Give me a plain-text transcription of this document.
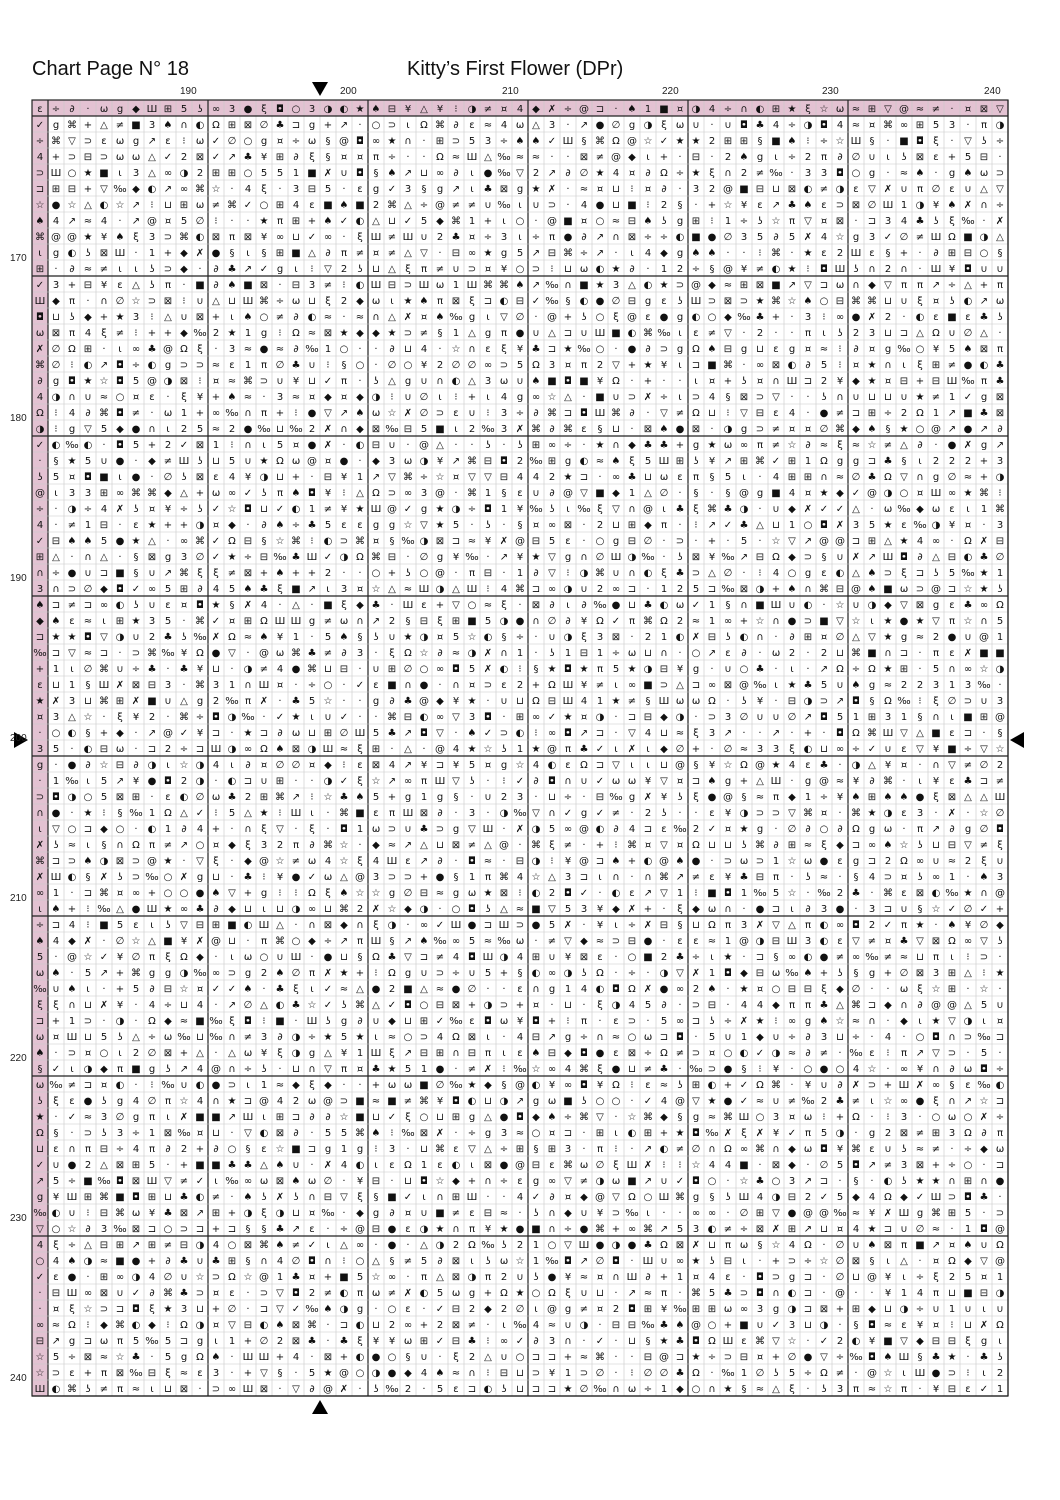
Chart Page N° 18	Kitty’s First Flower (DPr)
190	200	210	220	230	240
170
180
190
200
210
220
230
240
ɛ ÷ ∂ · ω g ◆ Ш ⊞ 5 ʖ ∞ 3 ● ξ ◘ ○ 3 ◑ ◐ ★ ♠ ⊟ ¥ △ ¥ ⁝ ◑ ≠ ¤ 4 ◆ ✗ ÷ @ ⊐ · ♠ 1 ■ ¤ ◑ 4 ÷ ∩ ◐ ⊞ ★ ξ ☆ ω ≈ ⊞ ▽ @ ≈ ≠ · ¤ ⊠ ▽
✓ g ⌘ + △ ≠ ■ 3 ♠ ∩ ◐ Ω ⊞ ⊠ ∅ ♣ ⊐ g + ↗ · ○ ⊃ ɩ Ω ⌘ ∂ ɛ ≈ 4 ω △ 3 · ↗ ● ∅ g ◑ ξ ω ∪ · ∪ ◘ ♣ 4 ÷ ◑ ◘ 4 ≈ ¤ ⌘ ∞ ⊞ 5 3 · π ◑
÷ ⌘ ▽ ⊃ ɛ ω g ↗ ɛ ⁝ ω ✓ ∅ ○ g ¤ ÷ ω § @ ◘ ∞ ★ ∩ · ⊞ ⊃ 5 3 ÷ ♠ ♠ ✓ Ш § ⌘ Ω @ ☆ ✓ ★ ★ 2 ⊞ ⊞ § ■ ♠ ⁝ ÷ ☆ Ш § · ■ ◘ ξ · ▽ ʖ ÷
4 + ⊃ ⊟ ⊃ ω ω △ ✓ 2 ⊠ ✓ ↗ ♣ ¥ ⊞ ∂ ξ § ¤ ¤ π ÷ · · Ω ≈ Ш △ ‰ ≈ ≈ · · ⊠ ≠ @ ◆ ɩ + · ⊟ · 2 ♠ g ɩ ÷ 2 π ∂ ∅ ∪ ɩ ʖ ⊠ ɛ + 5 ⊟ ·
⊃ Ш ○ ★ ■ ɩ 3 △ ∞ ◑ 2 ⊞ ⊞ ○ 5 5 1 ■ ✗ ∪ ◘ § ♠ ↗ ⊔ ∞ ∂ ɩ ● ‰ ▽ 2 ↗ ∂ ∅ ★ 4 ¤ ∂ Ω ÷ ★ ξ ∩ 2 ≠ ‰ · 3 3 ◘ ○ g · ≈ ♠ · g ♠ ω ⊃
⊐ ⊞ ⊟ + ▽ ‰ ◆ ◐ ↗ ∞ ⌘ ☆ · 4 ξ · 3 ⊟ 5 · ɛ g ✓ 3 § g ↗ ɩ ♣ ⊠ g ★ ✗ · ≈ ¤ ⊔ ⁝ ¤ ∂ · 3 2 @ ■ ⊟ ⊔ ⊠ ◐ ≠ ◑ ɛ ▽ ✗ ∪ π ∅ ɛ ∪ △ ▽
☆ ● ☆ △ ◐ ☆ ↗ ⁝ ⊔ ⊞ ω ≠ ⌘ ✓ ○ ⊞ 4 ɛ ■ ♠ ■ 2 ⌘ △ ÷ @ ≠ ≠ ∪ ‰ ɩ ∪ ⊃ · 4 ● ⊔ ■ ⁝ 2 § · + ☆ ¥ ɛ ↗ ♣ ♠ ɛ ⊃ ⊠ ∅ Ш 1 ◑ ¥ ♠ ✗ ∩ ÷
♠ 4 ↗ ≈ 4 · ↗ @ ¤ 5 ∅ ⁝ · · ★ π ⊞ + ♠ ✓ ◐ △ ⊔ ✓ 5 ◆ ⌘ 1 + ɩ ○ · @ ■ ¤ ○ ≈ ⊟ ♠ ʖ g ⊞ ⁝ 1 ÷ ʖ ☆ π ▽ ¤ ⊠ · ⊐ 3 4 ♣ ʖ ξ ‰ · ✗
⌘ @ @ ★ ¥ ♠ ξ 3 ⊃ ⌘ ◐ ⊠ π ⊠ ¥ ∞ ⊔ ✓ ∞ · ξ Ш ≠ Ш ∪ 2 ♣ ¤ ÷ 3 ɩ ÷ π ● ∂ ↗ ∩ ⊠ ÷ ÷ ◐ ■ ● ∅ 3 5 ∂ 5 ✗ 4 ☆ g 3 ✓ ∅ ≠ Ш Ω ■ ◑ △
ɩ g ◐ ʖ ⊠ Ш · 1 + ◆ ✗ ● § ɩ § ⊞ ■ △ ∂ π ≠ ¤ ≠ △ ▽ · ⊟ ∞ ★ g 5 ↗ ⊟ ⌘ ÷ ↗ · ɩ 4 ◆ g ♠ ♠ · · ⁝ ⌘ · ★ ɛ 2 Ш ɛ § + · ∂ ⊞ ⊟ ○ §
⊞ · ∂ ≈ ≠ ɩ ɩ ʖ ⊃ ◆ · ∂ ♣ ↗ ✓ g ɩ ⁝ ▽ 2 ʖ ⊔ △ ξ π ≠ ∪ ⊃ ¤ ¥ ○ ⊃ ⁝ ⊔ ω ◐ ★ ∂ · 1 2 ÷ § @ ¥ ≠ ◐ ★ ⁝ ◘ Ш ʖ ∩ 2 ∩ · Ш ¥ ◘ ∪ ∪
✓ 3 + ⊟ ¥ ɛ △ ʖ π · ■ ∂ ♠ ■ ⊠ · ⊟ 3 ≠ ⁝ ◐ Ш ⊟ ⊃ Ш ω 1 Ш ⌘ ⌘ ♠ ↗ ‰ ∩ ■ ★ 3 △ ◐ ★ ⊃ @ ◆ ≈ ⊞ ⊠ ■ ↗ ▽ ⊐ ω ∩ ◆ ▽ π π ↗ ÷ △ + π
Ш ◆ π · ∩ ∅ ☆ ⊃ ⊠ ⁝ ∪ △ ⊔ Ш ⌘ ÷ ω ⊔ ξ 2 ◆ ω ɩ ★ ♠ π ⊠ ξ ⊐ ◐ ⊟ ✓ ‰ § ◐ ● ∅ ⊟ g ɛ ʖ Ш ⊃ ⊠ ⊃ ★ ⌘ ☆ ♠ ○ ⊟ ⌘ ⌘ ⊔ ∪ ξ ¤ ʖ ◐ ↗ ω
◘ ⊔ ʖ ◆ + ★ 3 ⁝ △ ∪ ⊠ + ɩ ♠ ○ ≠ ∂ ◐ ≈ · ≈ ∩ △ ✗ ¤ ♠ ‰ g ɩ ▽ ∅ · @ + ʖ ○ ξ @ ɛ ● g ◐ ○ ◆ ‰ ♣ + · 3 ⁝ ∞ ● ✗ 2 · ◐ ɛ ■ ɛ ♣ ʖ
ω ⊠ π 4 ξ ≠ ⁝ + + ◆ ‰ 2 ★ 1 g ⁝ Ω ≈ ⊠ ★ ◆ ◆ ★ ⊃ ≠ § 1 △ g π ● ∪ △ ⊐ ∪ Ш ■ ◐ ⌘ ‰ ɩ ɛ ≠ ▽ · 2 · · π ɩ ʖ 2 3 ⊔ ⊐ △ Ω ∪ ∅ △ ·
✗ ∅ Ω ⊞ · ɩ ∞ ♣ @ Ω ξ · 3 ≈ ● ≈ ∂ ‰ 1 ○ · · ∂ ⊔ 4 · ☆ ∩ ɛ ξ ¥ ♣ ⊐ ★ ‰ ○ · ● ∂ ⊃ g Ω ♠ ⊟ g ⊔ ɛ g ¤ ≈ ⁝ ∂ ¤ g ‰ ○ ¥ 5 ♠ ⊠ π
⌘ ∅ ⁝ ◐ ↗ ◘ ÷ ◐ g ⊃ ⊃ ≈ ɛ 1 π ∅ ♣ ∪ ⁝ § ○ · ∅ ○ ¥ 2 ∅ ∅ ∞ ⊃ 5 Ω 3 ¤ π 2 ▽ + ★ ¥ ɩ ⊐ ■ ⌘ · ∞ ⊠ ◐ ∂ 5 ⁝ ¤ ★ ∩ ɩ ξ ⊞ ≠ ● ◐ ♣
∂ g ◘ ★ ☆ ◘ 5 @ ◑ ⊠ ⁝ ¤ ≈ ⌘ ⊃ ∪ ¥ ⊔ ✓ π · ʖ △ g ∪ ∩ ◐ △ 3 ω ∪ ♠ ■ ◘ ■ ¥ Ω · + · · ɩ ¤ + ʖ ¤ ∩ Ш ⊐ 2 ¥ ◆ ★ ¤ ⊟ + ⊟ Ш ‰ π ♣
4 ◑ ∩ ∪ ≈ ○ ¤ ɛ · ξ ¥ + ♠ ≈ · 3 ≈ ¤ ◆ ¤ ◆ ◑ ⁝ ∪ ∅ ɩ ⁝ + ɩ 4 g ∞ ☆ △ · ■ ∪ ⊃ ✗ ÷ ɩ ⊃ 4 § ⊠ ⊃ ▽ · · ʖ ∩ ∪ ⊔ ⊔ ∪ ★ ≠ 1 ✓ g ⊠
Ω ⁝ 4 ∂ ⌘ ◘ ≠ · ω 1 + ∞ ‰ ∩ π + ⁝ ● ▽ ↗ ♠ ω ☆ ✗ ∅ ⊃ ɛ ∪ ⁝ 3 ÷ ∂ ⌘ ⊐ ◘ Ш ⌘ ∂ · ▽ ≠ Ω ⊔ ⁝ ▽ ⊟ ɛ 4 · ● ≠ ⊐ ⊞ ÷ 2 Ω 1 ↗ ■ ♣ ⊠
◑ ⁝ g ▽ 5 ◆ ● ∩ ɩ 2 5 ≈ 2 ● ‰ ⊔ ‰ 2 ✗ ∩ ◆ ⊠ ‰ ⊟ 5 ■ ɩ 2 ‰ 3 ✗ ⌘ ∂ ⌘ ɛ § ⊔ · ⊠ ♠ ● ⊠ · ◑ g ⊃ ≠ ¤ ¤ ∅ ⌘ ◆ ♠ § ★ ○ @ ↗ ● ↗ ∂
✓ ◐ ‰ ◐ · ◘ 5 + 2 ✓ ⊠ 1 ⁝ ∩ ɩ 5 ¤ ● ✗ · ◐ ⊟ ∪ · @ △ · · ʖ · ʖ ⊞ ∞ ÷ · ★ ∩ ◆ ♣ ♣ + g ★ ω ∞ π ≠ ☆ ∂ ≈ ξ ≈ ☆ ≠ △ ∂ · ● ✗ g ↗
· § ★ 5 ∪ ● · ◆ ≠ Ш ʖ ⊔ 5 ∪ ★ Ω ω @ ¤ ● · ◆ 3 ω ◑ ¥ ↗ ⌘ ⊟ ◘ 2 ‰ ⊞ g ◐ ≈ ♠ ξ 5 Ш ⊞ ʖ ¥ ↗ ⊞ ⌘ ✓ ⊞ 1 Ω g g ⊐ ♣ § ɩ 2 2 2 + 3
ʖ 5 ¤ ◘ ■ ɩ ● · ∅ ʖ ⊠ ɛ 4 ¥ ◑ ⊔ + · ⊟ ¥ 1 ↗ ▽ ⌘ ÷ ☆ ¤ ▽ ▽ ⊟ 4 4 2 ★ ⊐ · ∞ ♣ ⊔ ω ɛ π § 5 ɩ · 4 ⊞ ⊞ ∩ ≈ ∅ ♣ Ω ▽ ∩ g ∅ ≈ + ◑
@ ɩ 3 3 ⊞ ∞ ⌘ ⌘ ◆ △ + ω ∞ ✓ ʖ π ♠ ◘ ¥ ⁝ △ Ω ⊃ ∞ 3 @ · ⌘ 1 § ɛ ∪ ∂ @ ▽ ■ ◆ 1 △ ∅ · § · § @ g ■ 4 ¤ ★ ◆ ✓ @ ◑ ○ ¤ Ш ∞ ★ ⌘ ⁝
÷ · ◑ ÷ 4 ✗ ʖ ¤ ¥ ÷ ʖ ✓ ☆ ◘ ⊔ ✓ ◐ 1 ≠ ¥ ★ Ш @ ✓ g ★ ◑ ÷ ◘ 1 ¥ ‰ ʖ ɩ ‰ ξ ▽ ∩ @ ɩ ♣ ξ ⌘ ♣ ◑ · ∪ ◆ ✗ ✓ ✓ △ · ω ‰ ◆ ω ɛ ɩ 1 ⌘
4 · ≠ 1 ⊟ · ɛ ★ + + ◑ ¤ ◆ · ∂ ♠ ÷ ♣ 5 ɛ ɛ g g ☆ ▽ ★ 5 · ʖ · § ¤ ∞ ⊠ · 2 ⊔ ⊞ ◆ π · ⁝ ↗ ✓ ♣ △ ⊔ 1 ○ ◘ ✗ 3 5 ★ ɛ ‰ ◑ ¥ ¤ · 3
✓ ⊟ ♠ ♠ 5 ● ★ △ · ∞ ⌘ ✓ Ω ⊟ § ☆ ⌘ ⁝ ◐ ⊃ ⌘ ¤ § ‰ ◑ ⊠ ⊐ ≈ ¥ ✗ @ ⊟ 5 ɛ · ○ g ⊟ ∅ · ⊃ · + · 5 · ☆ ▽ ↗ @ @ ⊐ ⊞ △ ★ 4 ∞ · Ω ✗ ⊟
⊞ △ · ∩ △ · § ⊠ g 3 ∅ ✓ ★ ÷ ⊟ ‰ ♣ Ш ✓ ◑ Ω ⌘ ⊟ · ∅ g ¥ ‰ · ↗ ¥ ★ ▽ g ∩ ∅ Ш ◑ ‰ · ʖ ⊠ ¥ ‰ ↗ ⊟ Ω ◆ ⊃ § ∪ ✗ ↗ Ш ◘ ∂ △ ⊟ ◐ ♣ ∅
∩ ÷ ● ∪ ⊐ ■ § ∪ ↗ ⌘ ξ ξ ≠ ⊠ + ♠ + + 2 · · ○ + ʖ ○ @ · π ⊟ · 1 ∂ ▽ ⁝ ◑ ⌘ ∪ ∩ ◐ ξ ♣ ⊃ △ ∅ · ⁝ 4 ○ g ɛ ◐ △ ♠ ⊃ ξ ⊐ ʖ 5 ‰ ★ 1
3 ∩ ⊃ ∅ ◆ ◘ ✓ ∞ 5 ⊞ ∂ 4 5 ♠ ♣ ξ ■ ↗ ɩ 3 ¤ ☆ △ ≈ Ш ◑ △ Ш ⁝ 4 ⌘ ⊐ ∞ ◑ ∪ 2 ∞ ⊐ · 1 2 5 ⊐ ‰ ⊠ ◑ + ♠ ∩ ⌘ ⊟ @ ♠ ■ ω ⊃ @ ⊐ ☆ ★ ʖ
♠ ⊐ ≠ ⊐ ∞ ◐ ʖ ∪ ɛ ¤ ◘ ★ § ✗ 4 · △ · ■ ξ ◆ ♣ · Ш ɛ + ▽ ○ ≈ ξ · ⊠ ∂ ɩ ∂ ‰ ● ⊔ ♣ ◐ ω ✓ 1 § ∩ ■ Ш ∪ ◐ · ☆ ∪ ◑ ◆ ▽ ⊠ g ɛ ♣ ∞ Ω
◆ ♠ ɛ ≈ ɩ ⊞ ★ 3 5 · ⌘ ✓ ¤ ⊞ Ω Ш Ш g ≠ ω ∩ ↗ 2 § ⊟ ξ ⊞ ■ 5 ◑ ● ∩ ∅ ∂ ¥ Ω ✓ π ⌘ Ω 2 ≈ 1 ∞ + ☆ ∩ ● ⊃ ■ ▽ ☆ ɩ ★ ● ★ ▽ π ☆ ∩ 5
⊐ ★ ★ ◘ ▽ ◑ ∪ 2 ♣ ʖ ‰ ✗ Ω ≈ ♠ ¥ 1 · 5 ♠ § ʖ ∪ ★ ◑ ¤ 5 ☆ ◐ § ÷ · ∪ ◑ ξ 3 ⊠ · 2 1 ◐ ✗ ⊟ ʖ ◐ ∩ · ∂ ⊞ ¤ ∅ △ ▽ ★ g ≈ 2 ● ∪ @ 1
‰ ⊐ ▽ ≈ ⊐ · ⊃ ⌘ ‰ ¥ Ω ● ▽ · @ ω ⌘ ♣ ≠ ∂ 3 · ξ Ω ☆ ∂ ≈ ◑ ✗ ∩ 1 · ʖ 1 ⊟ 1 ÷ ω ⊔ ∩ · ○ ↗ ɛ ∂ · ω 2 · 2 ⊔ ⌘ ■ ∩ ⊐ · π ɛ ✗ ■ ■
+ 1 ɩ ∅ ⌘ ∪ ÷ ♣ · ♣ ¥ ⊔ · ◑ ≠ 4 ● ⌘ ⊔ ⊟ · ∪ ⊞ ∅ ○ ∞ ◘ 5 ✗ ◐ ⁝ § ★ ◘ ★ π 5 ★ ◑ ⊟ ¥ g · ∪ ○ ♣ · ɩ · ↗ Ω ÷ Ω ★ ⊞ · 5 ∩ ∞ ☆ ◑
ɛ ⊔ 1 § Ш ✗ ⊠ ⊟ 3 · ⌘ 3 1 ∩ Ш ¤ · ÷ ○ · ✓ ɛ ■ ∩ ● · ∩ ¤ ⊃ ɛ 2 + Ω Ш ¥ ≠ ɩ ∞ ■ ⊃ △ ⊐ ∞ ⊠ @ ‰ ɩ ★ ♣ 5 ∪ ♠ g ≈ 2 2 3 1 3 ‰ ·
★ ✗ 3 ⊔ ⌘ ⊞ ✗ ■ ∪ △ g 2 ‰ π ✗ · ♣ 5 ☆ · · g ∂ ♣ @ ◆ ¥ ★ · ∪ ⊔ Ω ⊟ Ш 4 1 ★ ≠ § Ш ω ω Ω · ʖ ¥ · ⊟ ◑ ⊃ ↗ ◘ § Ω ‰ ⁝ ξ ∅ ⊃ ∪ 3
¤ 3 △ ☆ · ξ ¥ 2 · ⌘ ÷ ◘ ◑ ‰ · ✓ ★ ɩ ∪ ✓ · · ⌘ ⊟ ◐ ∞ ▽ 3 ◘ · ⊞ ∞ ✓ ★ ¤ ◑ · ⊐ ⊟ ◆ ◑ · ⊃ 3 ∅ ∪ ∪ ∅ ↗ ◘ 5 1 ⊞ 3 1 § ∩ ɩ ■ ⊞ @
· ○ ◐ § + ◆ · ↗ @ ✓ ¥ ⊐ · ★ ⊐ ∂ ω ⊔ ⊞ ∅ Ш 5 ♣ ↗ ◘ ▽ · ♠ ✓ ⊃ ◐ ⁝ ∞ ◘ ↗ ⊐ · ▽ 4 ⊔ ≈ ξ 3 ↗ · · ↗ · + · ◘ Ω ⌘ Ш ▽ △ ■ ɛ ⊐ · §
3 5 · ◐ ⊟ ω · ⊐ 2 ÷ ⊐ Ш ◑ ∞ Ω ♠ ⊠ ◑ Ш ≈ ξ ⊞ · △ · @ 4 ★ ☆ ʖ 1 ★ @ π ♣ ✓ ɩ ✗ ɩ ◆ ∅ + · ∅ ≈ 3 3 ξ ◐ ⊔ ∞ ÷ ✓ ∪ ɛ ▽ ¥ ■ ÷ ▽ ☆
g · ● ∂ ☆ ⊟ ∂ ◑ ɩ ☆ ◑ 4 ɩ ∂ ¤ ∅ ∅ ¤ ◆ ⁝ ɛ ⊠ 4 ↗ ¥ ⊐ ¥ 5 ¤ g ☆ 4 ◐ ɛ Ω ⊐ ▽ ɩ ɩ ⊔ @ § ¥ ☆ Ω @ ★ 4 ɛ ♣ · ◑ △ ¥ ¤ · ∩ ▽ ≠ ∅ 2
· 1 ‰ ɩ 5 ↗ ¥ ● ◘ 2 ◑ · ◐ ⊐ ∪ ⊞ · · ◑ ✓ ξ ☆ ↗ ∞ π Ш ▽ ʖ · ⁝ ✓ ∂ ◘ ∩ ∪ ✓ ω ω ¥ ▽ ¤ ⊐ ♠ g + △ Ш · g @ ≈ ¥ ∂ ⌘ · ɩ ¥ ɛ ♣ ⊐ ≠
⊃ ◘ ◑ ○ 5 ⊠ ⊞ · ɛ ◐ ∅ ω ♣ 2 ⊞ ⌘ ↗ ⁝ ☆ ♣ ♠ 5 + g 1 g § · ∪ 2 3 · ⊔ ÷ · ⊟ ‰ g ✗ ¥ ʖ ξ ● @ § ≈ π ◆ 1 ÷ ¥ ♠ ⊞ ♠ ♠ ● ξ ⊠ △ △ Ш
∩ ● · ★ ⁝ § ‰ 1 Ω △ ✓ ⁝ 5 △ ★ ⁝ Ш ɩ · ⌘ ■ ɛ π Ш ⊠ ∂ · 3 · ◑ ‰ ▽ ∩ ✓ g ✓ ≠ · 2 ʖ · · ɛ ¥ ◑ ⊃ ⊃ ▽ ⌘ ¤ · ⌘ ★ ◑ ɛ 3 · ✗ · ☆ ∅
ɩ ▽ ○ ⊐ ◆ ○ · ◐ 1 ∂ 4 + · ∩ ξ ▽ · ξ · ◘ 1 ω ⊃ ∪ ♣ ⊃ g ▽ Ш · ✗ ◑ 5 ∞ @ ◐ ∂ 4 ⊐ ɛ ‰ 2 ✓ ¤ ★ g · ∅ ∂ ○ ∂ Ω g ω · π ↗ ∂ g ∅ ◘
✗ ʖ ≈ ɩ § ∩ Ω π ≠ ↗ ○ ¤ ◆ ξ 3 2 π ∂ ⌘ ☆ · ◆ ≈ ↗ △ ⊔ ⊠ ≠ △ @ · ⌘ ξ ≠ · + ⁝ ⌘ ¤ ▽ ¤ Ω ⊔ ⊔ ʖ ⌘ ∂ ⊞ ≈ ξ ◆ ⊐ ∞ ♠ ☆ ʖ ⊔ ⊟ ▽ ≠ ξ
⌘ ⊐ ⊃ ♠ ◑ ⊠ ⊃ @ ★ · ▽ ξ · ◆ @ ☆ ≠ ω 4 ☆ ξ 4 Ш ɛ ↗ ∂ · ◘ ≈ · ⊟ ◑ ⁝ ¥ @ ⊐ ♠ + ◐ @ ♠ ● · ⊃ ω ⊃ 1 ☆ ω ● ɛ g ⊐ 2 Ω ∞ ∪ ≈ 2 ξ ∪
✗ Ш ◐ § ✗ ʖ ⊃ ‰ ○ ✗ g ⊔ · ♣ ⁝ ¥ ● ✓ ω △ @ 3 ⊃ ⊃ + ● § 1 π ⌘ 4 ☆ △ 3 ⊐ ɩ ∩ · ∩ ⌘ ↗ ≠ ɛ ¥ ♣ ⊟ π · ʖ ≈ · § 4 ⊃ ¤ ʖ ∞ 1 · ♠ 3
∞ 1 · ⊐ ⌘ ¤ ∞ + ○ ○ ● ♠ ▽ + g ⁝ ⁝ Ω ξ ♠ ☆ ☆ g ∅ ⊟ ≈ g ω ★ ⊠ ⁝ ◐ 2 ◘ ✓ · ◐ ɛ ↗ ▽ 1 ⁝ ■ ◘ 1 ‰ 5 ☆ · ‰ 2 ♣ · ⌘ ɛ ⊠ ◐ ‰ ★ ∩ @
ɩ ♠ + ⁝ ‰ △ ● Ш ★ ∞ ♣ ∂ ◆ ⊔ ɩ ⊔ ◑ ∞ ⊔ ⌘ 2 ✗ ☆ ◆ ◑ · ○ ◘ ʖ △ ≈ ■ ▽ 5 3 ¥ ◆ ✗ + · ξ ◆ ω ∩ · ● ⊐ ɩ ∂ 3 ● · 3 ⊐ ∪ § ☆ ✓ ∅ ✓ +
÷ ⊐ 4 ⁝ ■ 5 ɛ ɩ ʖ ▽ ⊟ ⊞ ■ ◐ Ш △ · ∩ ⊠ ◆ ∩ ξ ◑ · ∞ ✓ Ш ● ⊐ Ш ⊃ ● 5 ✗ · ¥ ɩ ÷ ✗ ⊟ § ⊔ Ω π 3 ✗ ▽ △ π ◐ ∞ ◘ 2 ✓ π ★ · ♠ ¥ ∅ ◆
♠ 4 ◆ ✗ · ∅ ☆ △ ■ ¥ ✗ @ ⊔ · π ⌘ ○ ◆ ÷ ↗ π Ш § ↗ ♠ ‰ ∞ 5 ≈ ‰ ω · ≠ ▽ ◆ ≈ ⊃ ⊟ ● · ɛ ɛ ≈ 1 @ ◑ ⊟ Ш 3 ◐ ɛ ▽ ≠ ¤ ♣ ▽ ⊠ Ω ∞ ▽ ʖ
5 · @ ☆ ✓ ¥ ∅ π ξ Ω ◆ · ɩ ω ○ ∪ Ш · ● ⊔ § Ω ♣ ▽ ⊐ ≠ 4 ◘ Ш ◑ 4 ⊞ ∪ ¥ ⊠ ɛ · ○ ■ 2 ♣ ÷ ɩ ★ · ⊐ § ∞ ◐ ● ≠ ∞ ‰ ≠ ≈ ⊔ π ɩ ⁝ ⊃ ·
ω ♠ · 5 ↗ + ⌘ g g ◑ ‰ ∞ ⊃ g 2 ♠ ∅ π ✗ ★ + ⁝ Ω g ∪ ⊃ ÷ ∪ 5 + § ◐ ∞ ◑ ʖ Ω · ÷ · ◑ ▽ ✗ 1 ◘ ◆ ⊟ ω ‰ ♠ + ʖ § g + ∅ ⊠ 3 ⊞ △ ⁝ ★
‰ ∪ ♠ ɩ · + 5 ∂ ⊟ ☆ ¤ ✓ ✓ ♠ · ♣ ξ ɩ ✓ ≈ △ ● 2 ■ △ ≈ ● ∅ · · ɛ ∩ g 1 4 ◐ ◘ Ω ✗ ● ∞ 2 ♠ · ★ ¤ ○ ⊟ ⊟ ξ ◆ ∅ · · ω ξ ☆ ⊞ · ☆ ·
ξ ξ ∩ ⊔ ✗ ¥ · 4 ÷ ⊔ 4 · ↗ ∅ △ ◐ ♣ ☆ ✓ ʖ ⌘ △ ✓ ◘ ○ ⊟ ⊠ + ◑ ⊃ + ¤ · ⊔ · ξ ◑ 4 5 ∂ · ⊃ ⊟ · 4 4 ◆ π π ♣ △ ⌘ ⊐ ◆ ∩ ∂ @ @ △ 5 ∪
⊐ + 1 ⊃ · ◑ · Ω ◆ ≈ ■ ‰ ξ ◘ ⁝ ■ · Ш ʖ g ∂ ∪ ◆ ⊔ ⊞ ✓ ‰ ɛ ◘ ω ¥ ◘ + ⁝ π · ɛ ⊃ · 5 ∞ ⊐ ʖ ÷ ✗ ★ ⁝ ∞ g ♠ ☆ ≈ ∩ · ◆ ɩ ★ ▽ ◑ ɩ ¤
ω ¤ Ш ⊔ 5 ʖ △ ÷ ω ‰ ⊔ ‰ ∩ ≠ 3 ∂ ◑ ÷ ★ 5 ★ ɩ ≈ ○ ⊃ 4 Ω ⊠ ɩ · 4 ⊟ ↗ g ÷ ∩ ≈ ○ ω ⊐ ◘ · 5 ∪ 1 ◆ ∪ ÷ ∂ 3 ⊔ ÷ · 4 · ○ ◘ ∩ ⊃ ‰ ⊐
♠ · ⊃ ¤ ○ ɩ 2 ∅ ⊠ + △ · △ ω ¥ ξ ◑ g △ ¥ 1 Ш ξ ↗ ⊟ ⊞ ∩ ⊟ π ɩ ɛ ♠ ⊟ ◆ ◘ ● ɛ ⊠ ÷ Ω ≠ ⊃ ¤ ○ ◐ ✓ ◑ ≈ ∂ ≠ · ‰ ɛ ⁝ π ↗ ▽ ⊃ · 5 ·
§ ✓ ɩ ◑ ◆ π ■ g ʖ ↗ 4 @ ∩ ÷ ʖ · ⊔ ∩ ▽ π ¤ ♣ ★ 5 1 ● · ≠ ✗ ⁝ ‰ ☆ ∞ 4 ⌘ ξ ● ⊔ ≠ ♣ · ‰ ⊃ ● § ⁝ ¥ · ○ ● ○ 4 ☆ · ∞ ¥ ∩ ∂ ω ◘ ÷
ω ‰ ≠ ⊐ ¤ ◐ · ⁝ ‰ ∪ ◐ ● ⊃ ɩ 1 ≈ ◆ ξ ◆ · · + ω ω ■ ∅ ‰ ★ ◆ § @ ◐ ¥ ∞ ◘ ¥ Ω ⁝ ɛ ≈ ʖ ⊞ ◐ + ✓ Ω ⌘ · ¥ ∪ ∂ ✗ ⊃ + Ш ✗ ∞ § ɛ ‰ ◐
ʖ ξ ɛ ● ʖ g 4 ∅ π ☆ 4 ∩ ★ ⊐ @ 4 2 ω @ ⊃ ■ ≈ ■ ≠ ⌘ ¥ ◘ ◐ ⊔ ◑ ↗ g ω ■ ʖ ○ ○ · ✓ 4 @ ▽ ★ ● ✓ ≈ ∪ ≠ ‰ 2 ♣ ≠ ɩ ☆ ∞ ● ξ ∩ ↗ ☆ ⊐
★ · ✓ ≈ 3 ∅ g π ɩ ✗ ■ ■ ↗ Ш ɩ ⊞ ⊐ ∂ ∂ ☆ ■ ⊔ ✓ ξ ○ ⊔ ⊞ g △ ● ◘ ◆ ♠ ÷ ⌘ ▽ · ☆ ⌘ ◆ § g ≈ ⌘ Ш ○ 3 ¤ ω ⁝ + Ω · ⁝ 3 · ○ ω ○ ✗ ÷
Ω § · ⊃ ʖ 3 ÷ 1 ⊠ ‰ ¤ ⊔ · ▽ ◐ ⊠ ∂ · 5 5 ⌘ ♠ ⁝ ‰ ⊠ ✗ · ÷ g 3 ≈ ○ ¤ ⊐ · ⊞ ɩ ◐ ⊞ + ★ ◘ ‰ ✗ ξ ✗ ¥ ✓ π 5 ◑ · g 2 ⊠ ≠ ⊞ 3 Ω ∂ π
⊔ ɛ ∩ π ⊟ ÷ 4 π ∂ 2 + ∂ ○ § ɛ ☆ ■ ⊐ g 1 g ⁝ 3 · ⊔ ⌘ ɛ ▽ △ ÷ ⊞ § ⊞ 3 · π ⁝ · ↗ ◐ ≠ ∅ ∩ Ω ∞ ⌘ ∩ ◆ ω ◘ ¥ ⌘ ɛ ∪ ʖ ≈ ≠ · ÷ ◆ ω
✓ ∪ ● 2 △ ⊠ ⊞ 5 · + ■ ■ ♣ ♣ △ ♠ ∪ · ✗ 4 ◐ ɩ ɛ Ω 1 ɛ ◐ ɩ ⊠ ● @ ⊟ ɛ ⌘ ω ∅ ξ Ш ✗ ⁝ ⁝ ☆ 4 4 ■ · ⊠ ◆ · ∅ 5 ◘ ↗ ≠ 3 ⊠ + ÷ ○ · ⊐
↗ 5 ÷ ■ ‰ ◘ ⊠ Ш ▽ ≠ ✓ ɩ ‰ ∞ ω ⊠ ♠ ω ∅ · ¥ ⊟ · ⊔ ◘ ☆ ◆ + ∩ ÷ ɛ g ∞ ▽ ≠ ◑ ω ■ ↗ ∪ ✓ ◘ ○ · ☆ ♣ ○ 3 ↗ ⊐ · § · ◐ ʖ ★ ★ ∩ ⊞ ∩ ●
g ¥ Ш ⊞ ⌘ ■ ◘ ⊞ ⊔ ♣ ◐ ≠ · ♠ ʖ ✗ ʖ ∩ ⊟ ▽ ξ § ■ ✓ ɩ ∩ ⊞ Ш · · 4 ✓ ∂ ¤ ◆ @ ▽ Ω ○ Ш ⌘ g § ʖ Ш 4 ◑ ⊟ 2 ✓ 5 ◆ 4 Ω ◆ ✓ Ш ⊃ ◘ ♣ ·
‰ ◐ ∪ ⁝ ⊟ ⌘ ω ¥ ♣ ⊠ ↗ ⊞ + ◑ ξ ◑ ⊔ ¤ ‰ · ◆ g ∂ ¤ ∪ ■ ≠ ɛ ⊟ ≈ · ʖ ∩ ◆ ∪ ¥ ⊃ ‰ ɩ · · ∞ ∞ · ∅ ⊞ ▽ ● @ @ ‰ ≈ ¥ ✗ Ш g ⌘ ⊞ 5 · ⊃
▽ ○ ☆ ∂ 3 ‰ ⊠ ⊐ ○ ⊃ ⊐ + ⊐ § § ♣ ↗ ɛ · ÷ @ ⊟ ● ɛ ◑ ★ ∩ π ¥ ★ ● ■ ∩ ÷ ● ⌘ + ∞ ⌘ ↗ 5 3 ◐ ≠ ÷ ⊠ ✗ ⊞ ↗ ⊔ ¤ 4 ★ ⊐ ∪ ∅ ≈ · 1 ◘ @
4 ξ ÷ △ ⊟ ⊞ ↗ ⊞ ≠ ⊟ ◑ 4 ○ ⊠ ⌘ ♠ ≠ ✓ ɩ △ ∞ · ● · △ ◑ 2 Ω ‰ ʖ 2 1 ○ ▽ Ш ● ◑ ● ♣ Ω ⊠ ✗ ⊔ π ω § ☆ 4 Ω · ∅ ∪ ♠ ⊠ π ■ ↗ ¤ ♠ ∪ Ω
○ 4 ♠ ◑ ≈ ■ ● + ∂ ♣ ∪ ♣ ⊞ § ∩ 4 ∅ ◘ ∩ ⁝ ○ △ § ≠ 5 ∂ ⊠ ɩ ʖ ω ☆ 1 ‰ ◘ ↗ ∅ ◘ · Ш ∪ ∞ ★ ʖ ⊟ ɩ · + ⊃ ÷ ☆ ∅ ⊠ § ɩ △ · ¤ Ω ◆ ▽ @
✓ ɛ ● · ⊞ ∞ ◑ 4 ∅ ∪ ☆ ⊃ Ω ☆ @ 1 ♣ ¤ + ■ 5 ☆ ∞ · π △ ⊠ ◑ π 2 ∪ ʖ ● ¥ ≈ ¤ ∩ Ш ∂ + 1 ¤ 4 ɛ · ◘ ⊃ g ⊐ · ∅ ⊔ @ ¥ ɩ ÷ ξ 2 5 ¤ 1
· ⊟ Ш ∞ ⊠ ∪ ✓ ∂ ⌘ ♣ ⊃ ¤ ɛ · ⊃ ▽ ◘ 2 ≠ ◐ π ω ≠ ✗ ◐ 5 ω g + Ω ★ ○ Ω ξ ∪ ⊔ · ↗ ≈ π · ⌘ 5 ♣ ⊃ ◘ ∩ ◐ ⊐ · @ · · ¥ 1 4 π ⊔ ■ ⊟ ◑
· ¤ ξ ☆ ⊃ ⊐ ◘ ξ ★ 3 ⊔ + ∅ · ⊐ ▽ ✓ ‰ ♠ ◑ g · ○ ɛ · ✓ ⊟ 2 ◆ 2 ∅ ɩ @ g ≠ ¤ 2 ◘ ⊞ ¥ ‰ ⊞ ⊞ ω ∞ 3 g ◑ ⊐ ⊠ + ⊞ ◆ ⊔ ◑ ÷ ∪ 1 ∪ ɩ ∪
∞ ≈ Ω ⁝ ◆ ⌘ ◐ ◆ ⁝ Ω ◑ ¤ ▽ ⊟ ◐ ♠ ⊠ ⌘ · ⊐ ◐ ⊔ 2 ∞ + 2 ⊠ ≠ · ɩ ‰ 4 ≈ ∪ ◑ · ⊟ ⊟ ‰ ♣ ♠ @ ○ + ■ ∪ ✓ 3 ⊔ ◑ · § ◘ ≈ ɛ ¥ ¤ ⁝ ⊔ ✗ Ω
⊟ ↗ g ⊐ ω π 5 ‰ 5 ⊐ g ɩ 1 + ∅ 2 ⊠ ♣ · ♣ ξ ¥ ¥ ω ⊞ ✓ ⊟ ♣ ⁝ ∞ ✓ ∂ 3 ∩ · ✓ · ⊔ § ★ ♣ ◘ Ω Ш ɛ ⌘ ▽ ☆ · ✓ 2 ◐ ¥ ■ ▽ ◆ ⊟ ⊟ ξ g ɩ
☆ 5 ÷ ⊠ ≈ ☆ ♣ · 5 g Ω ♠ · Ш Ш + 4 · ⊠ + ◐ ● ○ § ∪ · ξ 2 △ ∪ ○ ⊐ ⊐ + ≈ ⌘ · · ⊟ @ ⊐ ★ ÷ ⊃ ⊟ ¤ + ∅ ● ▽ ÷ ‰ ◘ ♠ Ш § ♣ ★ · ♣ ʖ
☆ ⊃ ɛ + π ⊠ ‰ ⊟ ξ ≈ ɛ 3 · + ▽ § · 5 ★ @ ○ ◑ ● ◆ 4 ♠ ≈ ∩ ⁝ ⊟ ⊔ ⊃ ¥ 1 ⊃ ∅ · ⁝ ∅ ∅ ♣ Ω · ‰ 1 ∅ ʖ 5 ÷ Ω ≠ · @ ☆ ɩ Ш ● ⊃ ⁝ ɩ 2
Ш ◐ ⌘ ʖ ≠ π ≈ ɩ ⊔ ⊠ · ⊃ ∞ Ш ⊠ · ▽ ∂ @ ✗ · ʖ ‰ 2 · 5 ɛ ⊐ ◐ ʖ ⊔ ⊐ ⊐ ★ ∅ ‰ ∩ ω ÷ 1 ◆ ○ ∩ ★ § ≈ △ ξ · ʖ 3 π ≈ ☆ π · ¥ ⊟ ɛ ✓ 1
